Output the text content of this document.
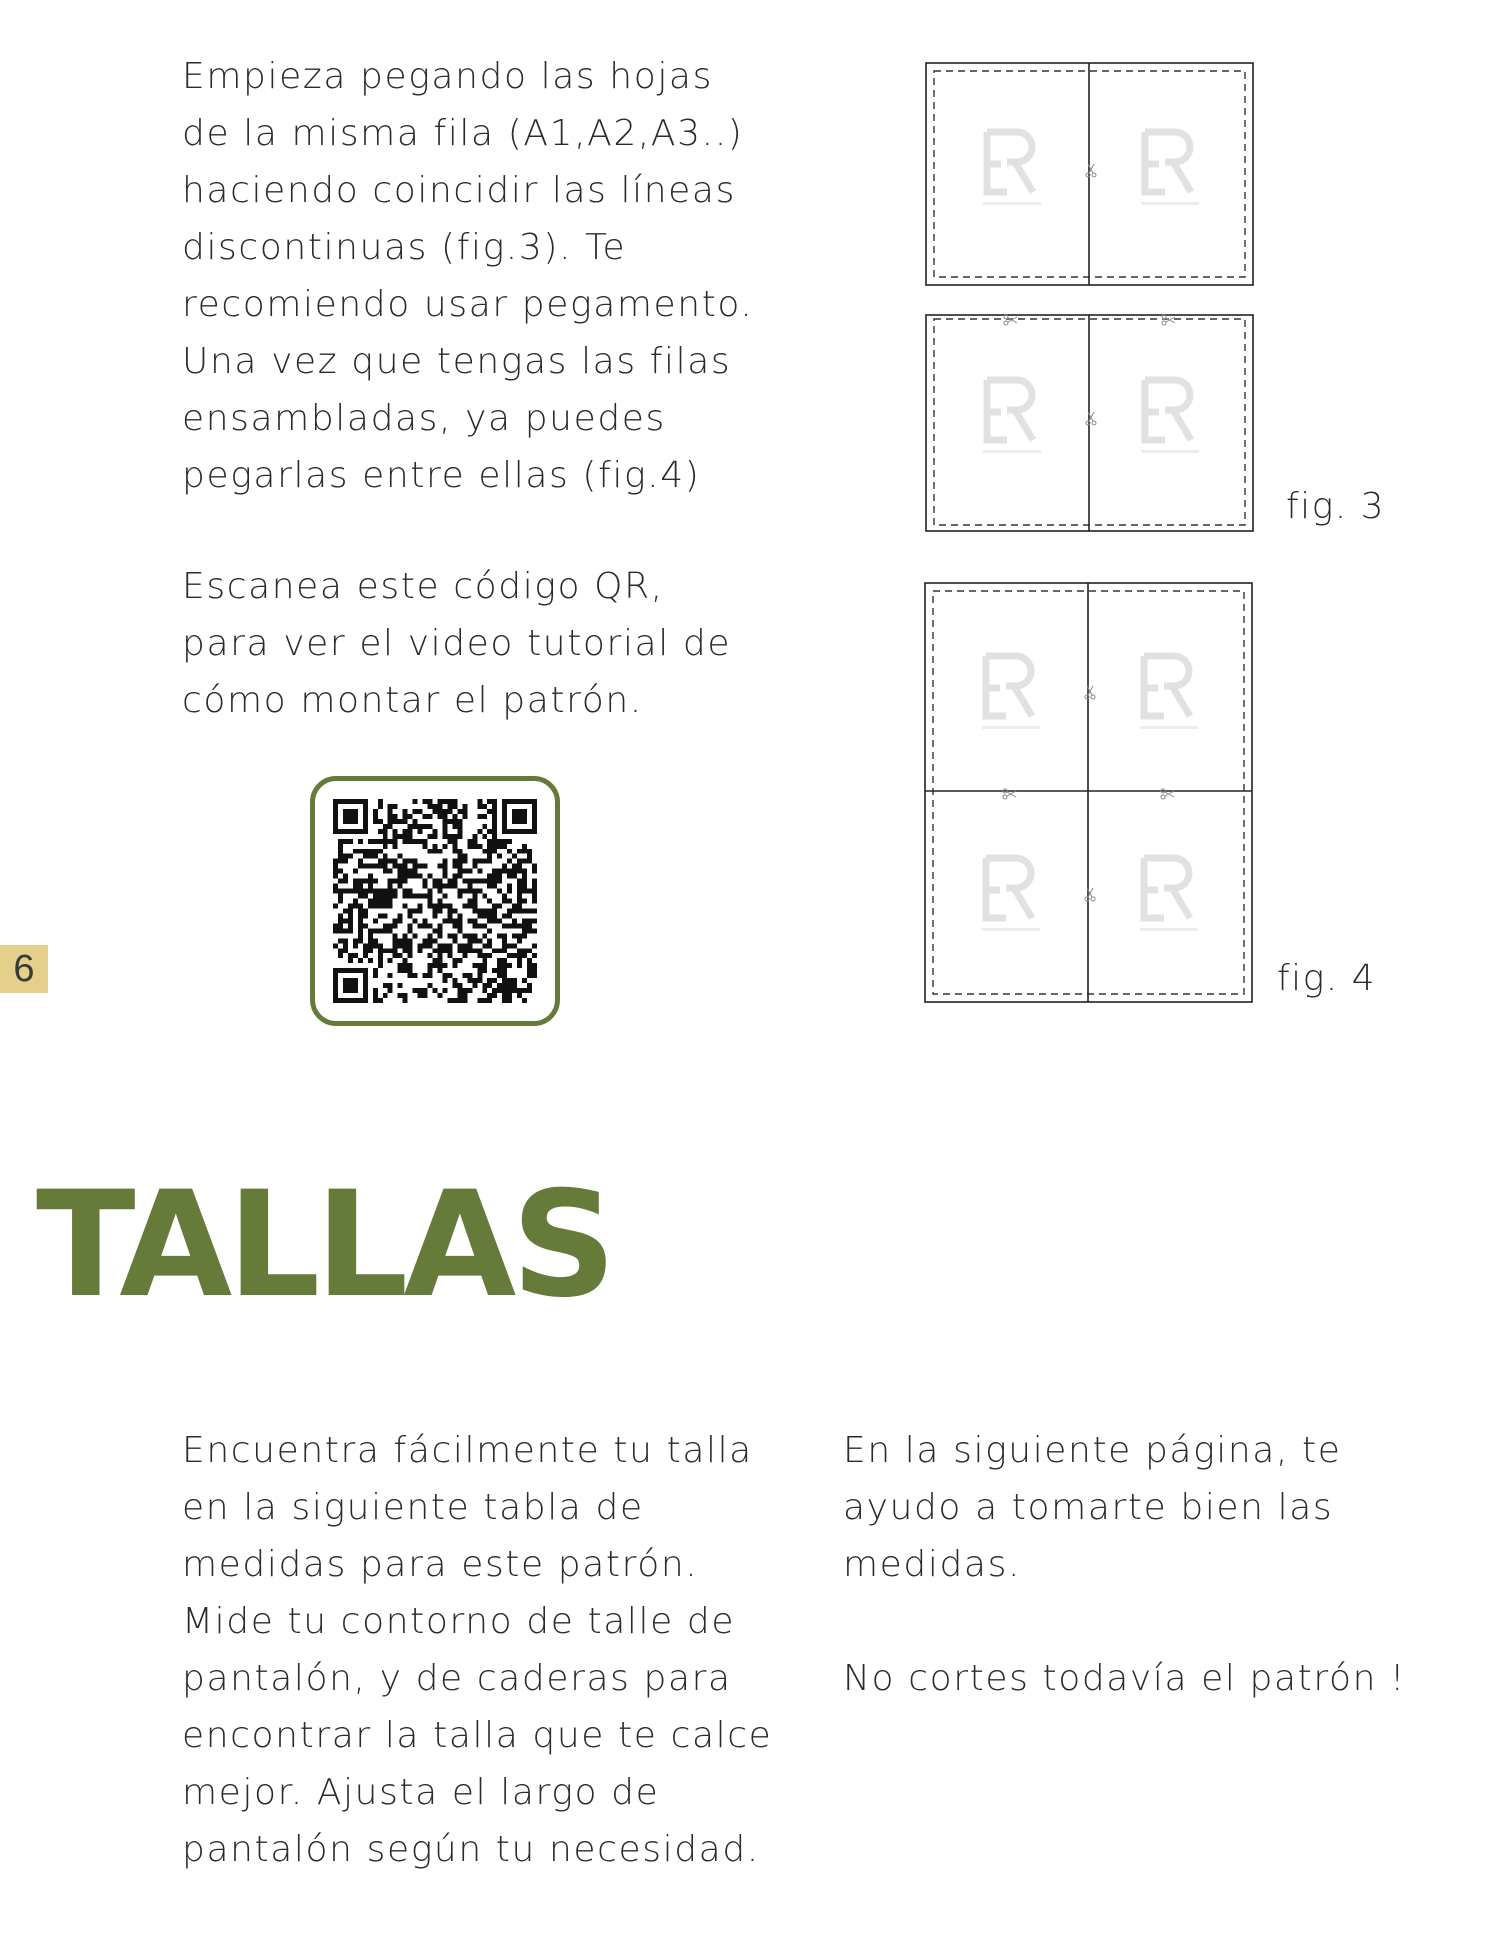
6

Empieza pegando las hojas
de la misma fila (A1,A2,A3..)
haciendo coincidir las líneas
discontinuas (fig.3). Te
recomiendo usar pegamento.
Una vez que tengas las filas
ensambladas, ya puedes
pegarlas entre ellas (fig.4)

Escanea este código QR,
para ver el video tutorial de
cómo montar el patrón.

fig. 3

fig. 4

TALLAS

Encuentra fácilmente tu talla
en la siguiente tabla de
medidas para este patrón.
Mide tu contorno de talle de
pantalón, y de caderas para
encontrar la talla que te calce
mejor. Ajusta el largo de
pantalón según tu necesidad.

En la siguiente página, te
ayudo a tomarte bien las
medidas.
No cortes todavía el patrón !
